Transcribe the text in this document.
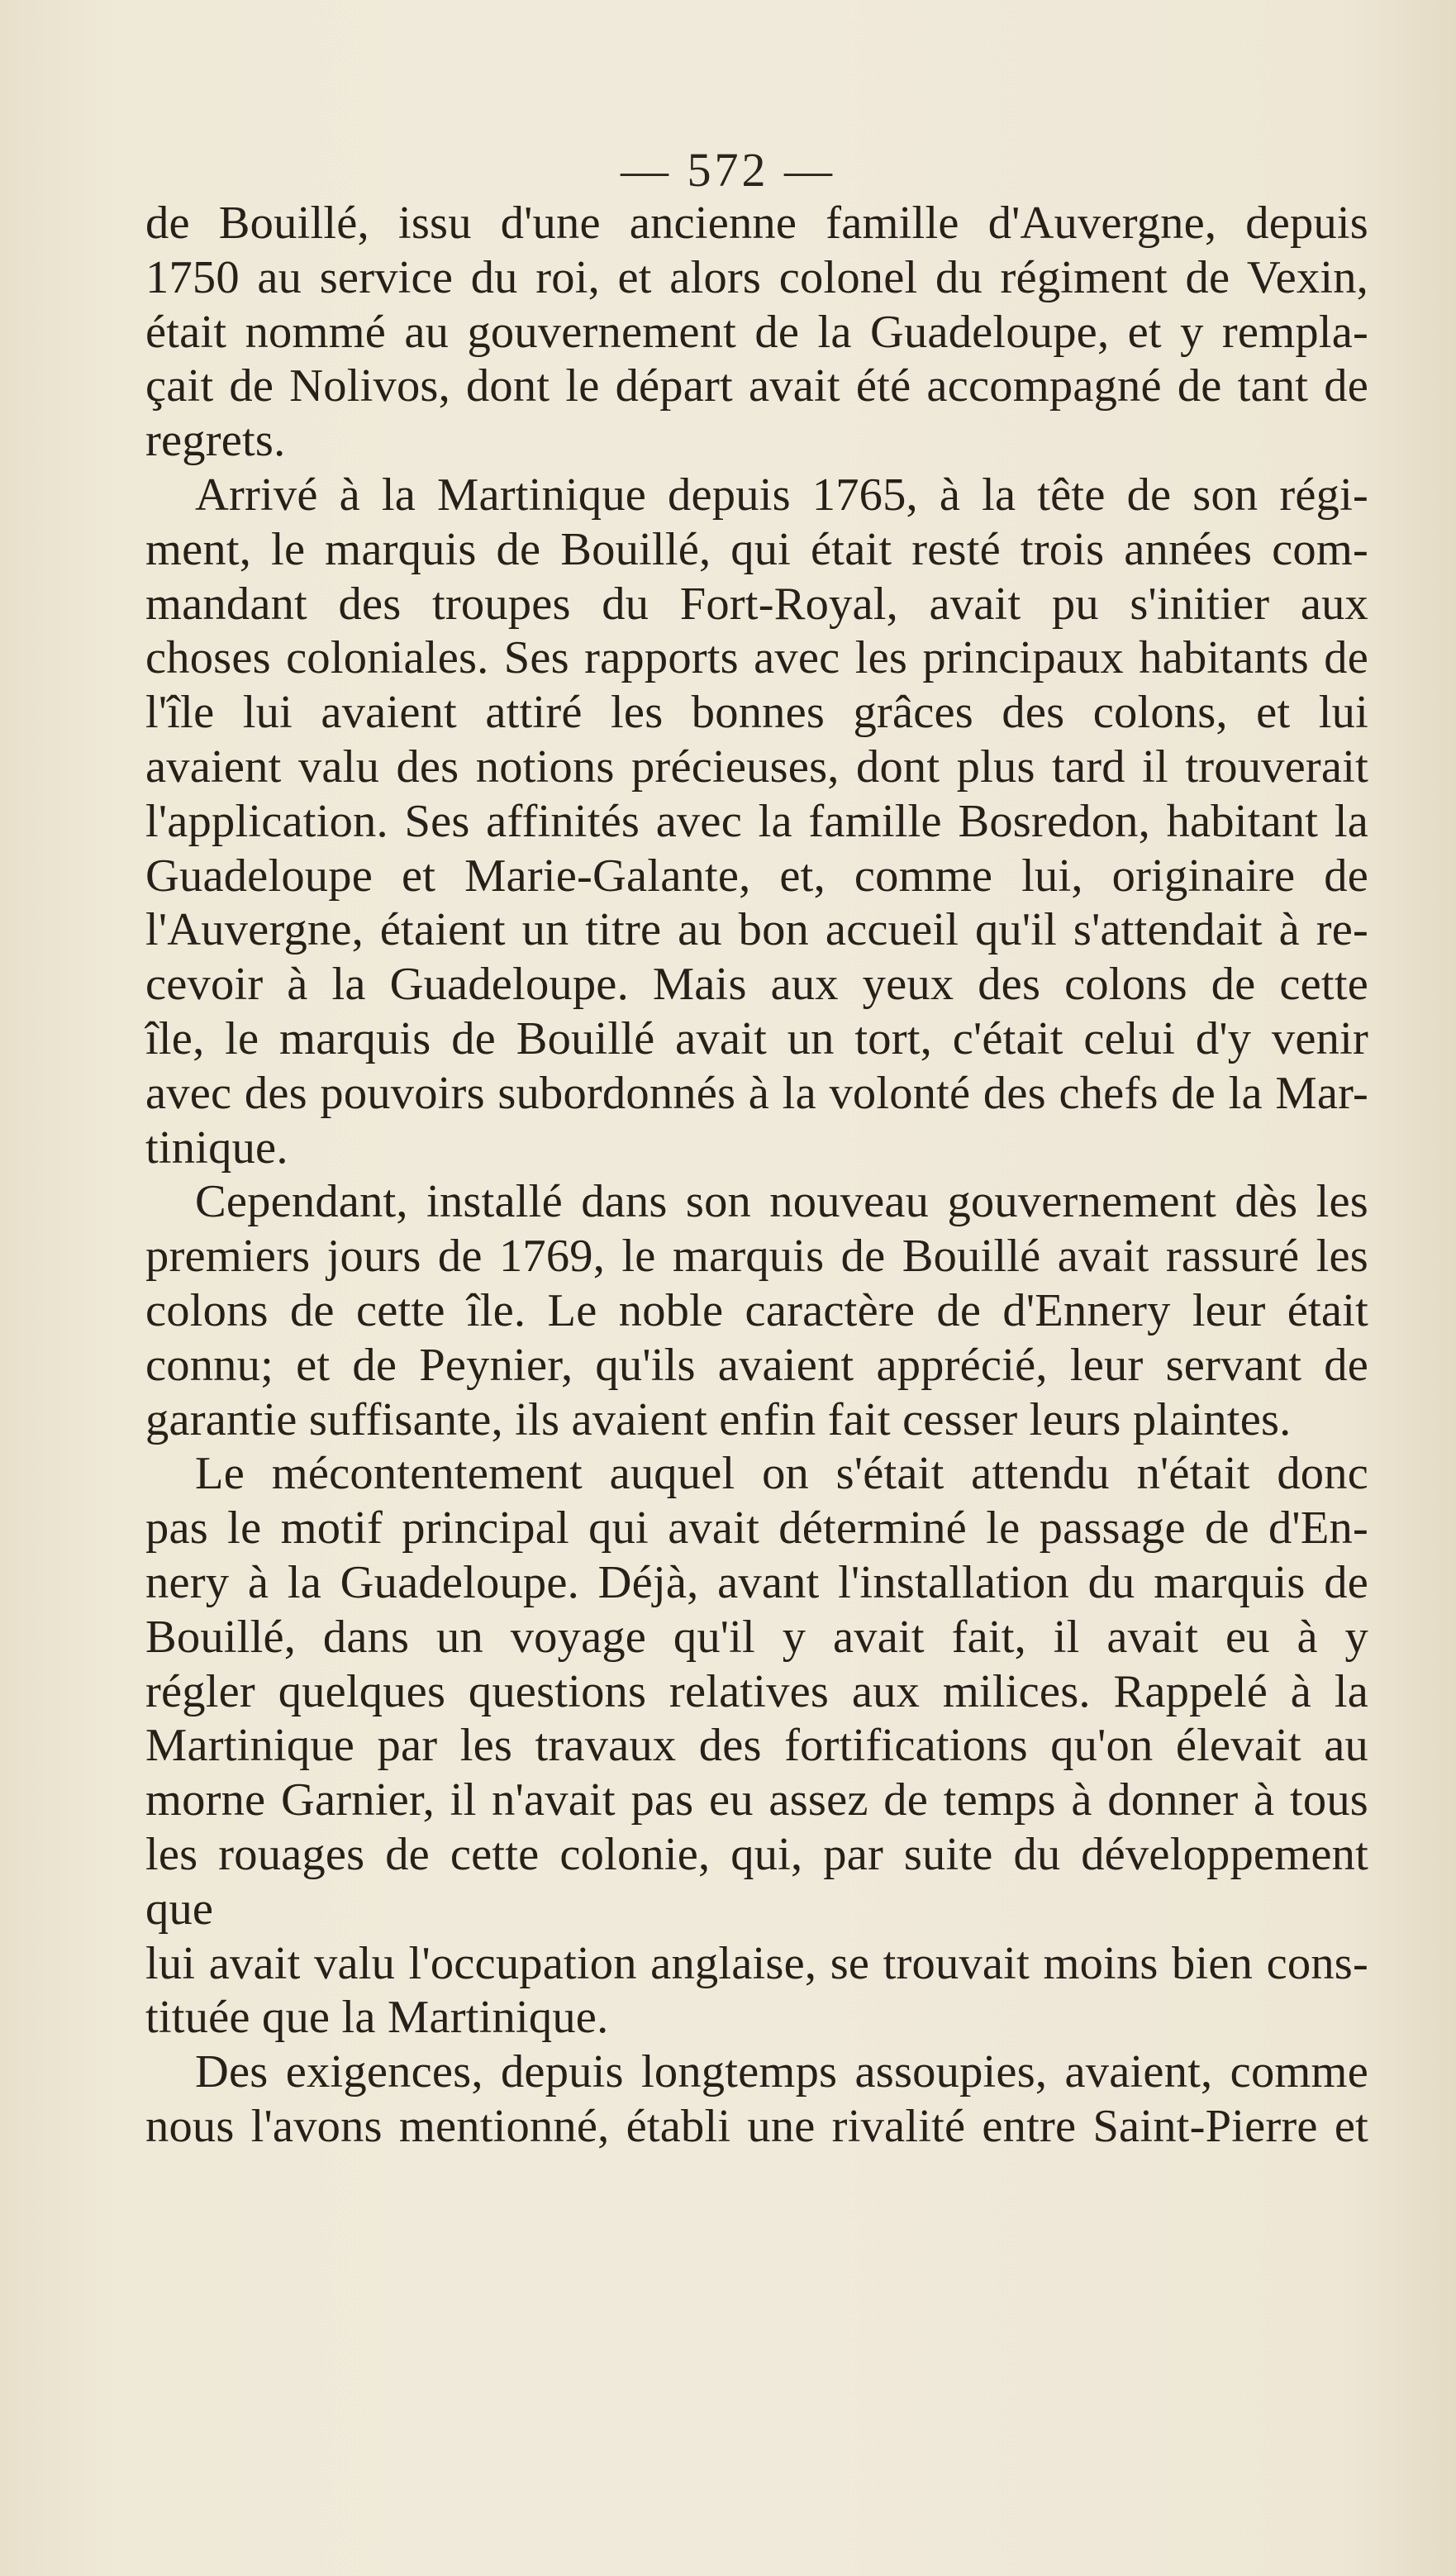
— 572 —

de Bouillé, issu d'une ancienne famille d'Auvergne, depuis

1750 au service du roi, et alors colonel du régiment de Vexin,

était nommé au gouvernement de la Guadeloupe, et y rempla-

çait de Nolivos, dont le départ avait été accompagné de tant de

regrets.

Arrivé à la Martinique depuis 1765, à la tête de son régi-

ment, le marquis de Bouillé, qui était resté trois années com-

mandant des troupes du Fort-Royal, avait pu s'initier aux

choses coloniales. Ses rapports avec les principaux habitants de

l'île lui avaient attiré les bonnes grâces des colons, et lui

avaient valu des notions précieuses, dont plus tard il trouverait

l'application. Ses affinités avec la famille Bosredon, habitant la

Guadeloupe et Marie-Galante, et, comme lui, originaire de

l'Auvergne, étaient un titre au bon accueil qu'il s'attendait à re-

cevoir à la Guadeloupe. Mais aux yeux des colons de cette

île, le marquis de Bouillé avait un tort, c'était celui d'y venir

avec des pouvoirs subordonnés à la volonté des chefs de la Mar-

tinique.

Cependant, installé dans son nouveau gouvernement dès les

premiers jours de 1769, le marquis de Bouillé avait rassuré les

colons de cette île. Le noble caractère de d'Ennery leur était

connu; et de Peynier, qu'ils avaient apprécié, leur servant de

garantie suffisante, ils avaient enfin fait cesser leurs plaintes.

Le mécontentement auquel on s'était attendu n'était donc

pas le motif principal qui avait déterminé le passage de d'En-

nery à la Guadeloupe. Déjà, avant l'installation du marquis de

Bouillé, dans un voyage qu'il y avait fait, il avait eu à y

régler quelques questions relatives aux milices. Rappelé à la

Martinique par les travaux des fortifications qu'on élevait au

morne Garnier, il n'avait pas eu assez de temps à donner à tous

les rouages de cette colonie, qui, par suite du développement que

lui avait valu l'occupation anglaise, se trouvait moins bien cons-

tituée que la Martinique.

Des exigences, depuis longtemps assoupies, avaient, comme

nous l'avons mentionné, établi une rivalité entre Saint-Pierre et
